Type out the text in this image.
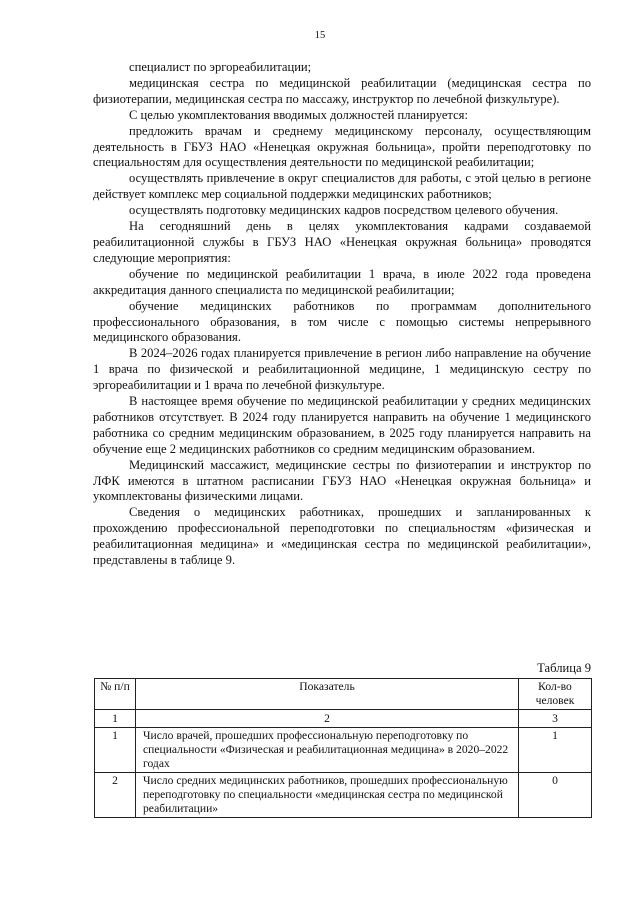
15

специалист по эргореабилитации;

медицинская сестра по медицинской реабилитации (медицинская сестра по физиотерапии, медицинская сестра по массажу, инструктор по лечебной физкультуре).

С целью укомплектования вводимых должностей планируется:

предложить врачам и среднему медицинскому персоналу, осуществляющим деятельность в ГБУЗ НАО «Ненецкая окружная больница», пройти переподготовку по специальностям для осуществления деятельности по медицинской реабилитации;

осуществлять привлечение в округ специалистов для работы, с этой целью в регионе действует комплекс мер социальной поддержки медицинских работников;

осуществлять подготовку медицинских кадров посредством целевого обучения.

На сегодняшний день в целях укомплектования кадрами создаваемой реабилитационной службы в ГБУЗ НАО «Ненецкая окружная больница» проводятся следующие мероприятия:

обучение по медицинской реабилитации 1 врача, в июле 2022 года проведена аккредитация данного специалиста по медицинской реабилитации;

обучение медицинских работников по программам дополнительного профессионального образования, в том числе с помощью системы непрерывного медицинского образования.

В 2024–2026 годах планируется привлечение в регион либо направление на обучение 1 врача по физической и реабилитационной медицине, 1 медицинскую сестру по эргореабилитации и 1 врача по лечебной физкультуре.

В настоящее время обучение по медицинской реабилитации у средних медицинских работников отсутствует. В 2024 году планируется направить на обучение 1 медицинского работника со средним медицинским образованием, в 2025 году планируется направить на обучение еще 2 медицинских работников со средним медицинским образованием.

Медицинский массажист, медицинские сестры по физиотерапии и инструктор по ЛФК имеются в штатном расписании ГБУЗ НАО «Ненецкая окружная больница» и укомплектованы физическими лицами.

Сведения о медицинских работниках, прошедших и запланированных к прохождению профессиональной переподготовки по специальностям «физическая и реабилитационная медицина» и «медицинская сестра по медицинской реабилитации», представлены в таблице 9.

Таблица 9
№ п/п	Показатель	Кол-во человек
1	2	3
1	Число врачей, прошедших профессиональную переподготовку по специальности «Физическая и реабилитационная медицина» в 2020–2022 годах	1
2	Число средних медицинских работников, прошедших профессиональную переподготовку по специальности «медицинская сестра по медицинской реабилитации»	0
